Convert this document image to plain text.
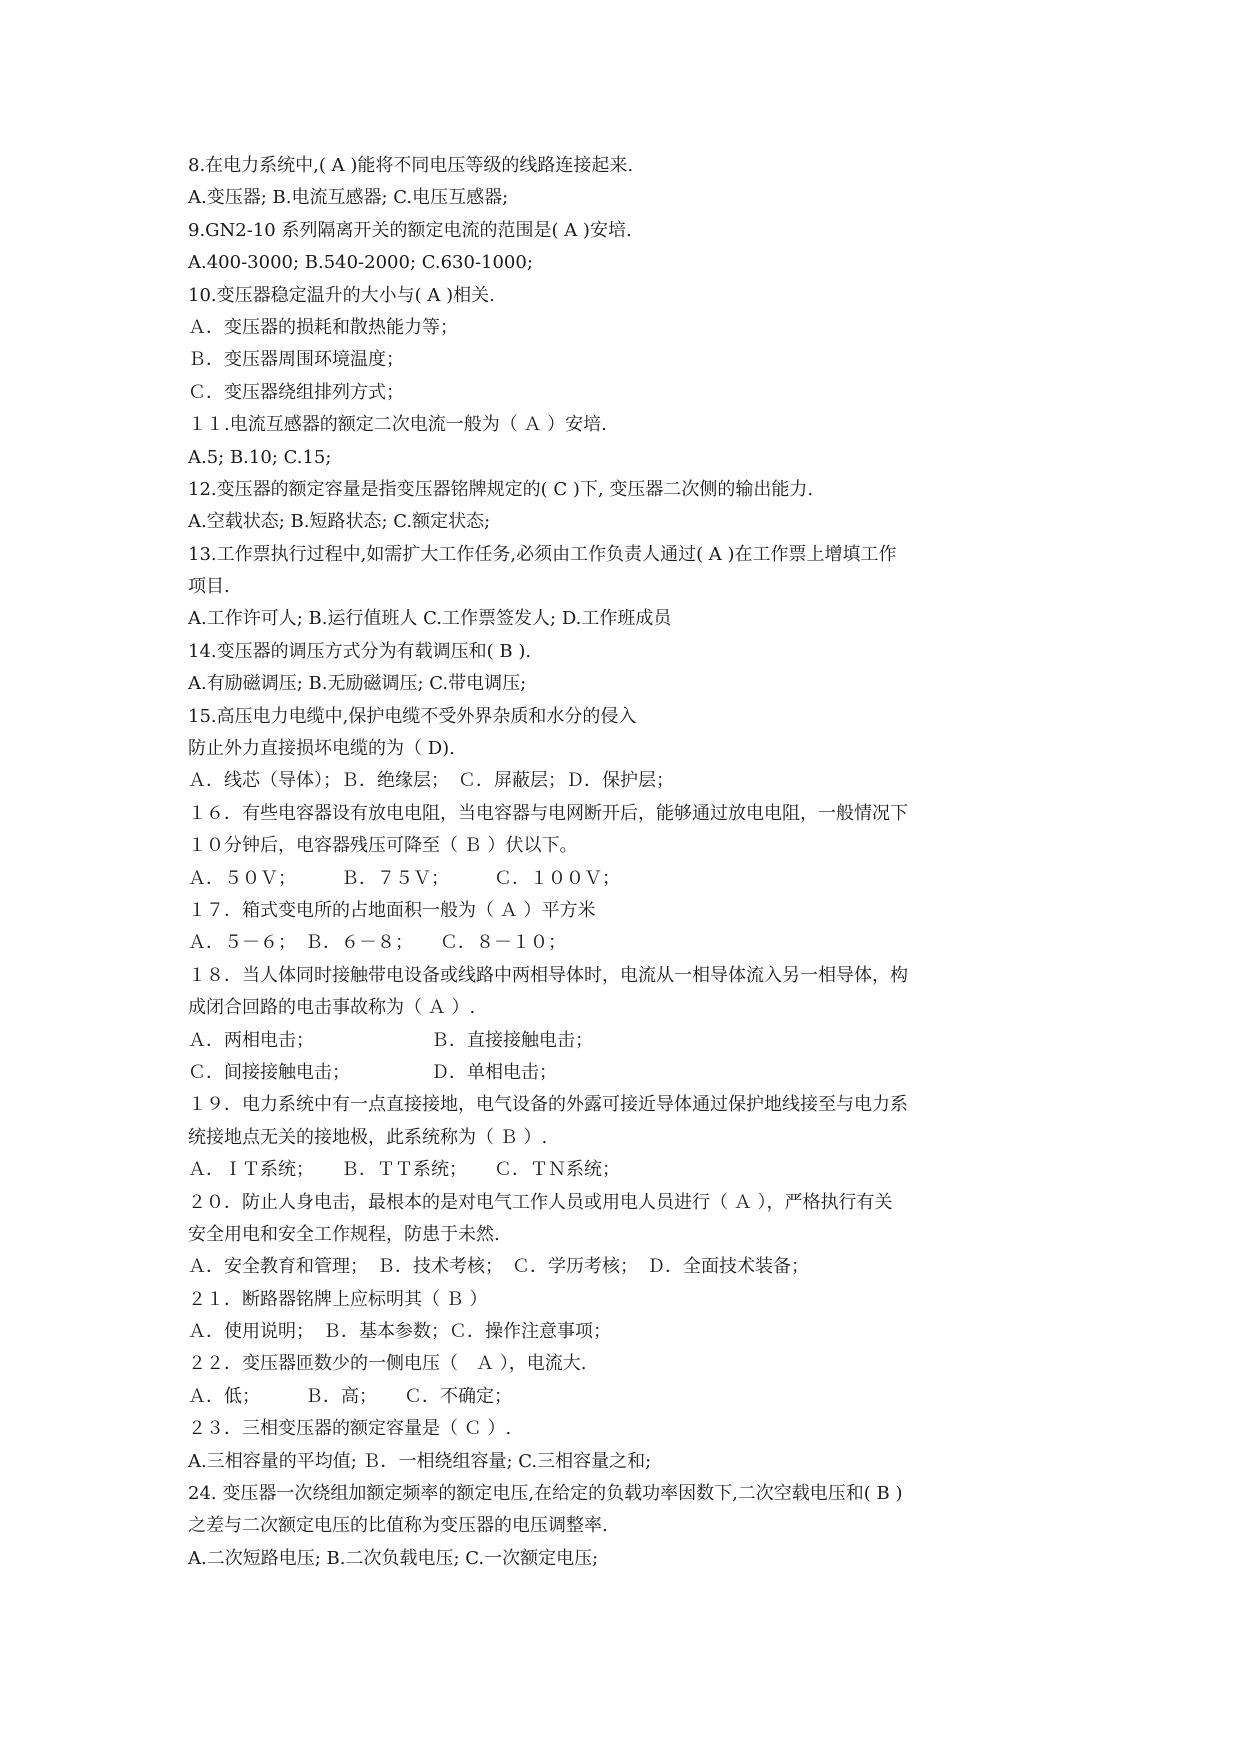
8.在电力系统中,( A )能将不同电压等级的线路连接起来.
A.变压器; B.电流互感器; C.电压互感器;
9.GN2-10 系列隔离开关的额定电流的范围是( A )安培.
A.400-3000; B.540-2000; C.630-1000;
10.变压器稳定温升的大小与( A )相关.
Ａ．变压器的损耗和散热能力等；
Ｂ．变压器周围环境温度；
Ｃ．变压器绕组排列方式；
１１.电流互感器的额定二次电流一般为（ Ａ ）安培.
A.5; B.10; C.15;
12.变压器的额定容量是指变压器铭牌规定的( C )下, 变压器二次侧的输出能力.
A.空载状态; B.短路状态; C.额定状态;
13.工作票执行过程中,如需扩大工作任务,必须由工作负责人通过( A )在工作票上增填工作
项目.
A.工作许可人; B.运行值班人 C.工作票签发人; D.工作班成员
14.变压器的调压方式分为有载调压和( B ).
A.有励磁调压; B.无励磁调压; C.带电调压;
15.高压电力电缆中,保护电缆不受外界杂质和水分的侵入
防止外力直接损坏电缆的为（ D).
Ａ．线芯（导体）；Ｂ．绝缘层；　Ｃ．屏蔽层；Ｄ．保护层；
１６．有些电容器设有放电电阻，当电容器与电网断开后，能够通过放电电阻，一般情况下
１０分钟后，电容器残压可降至（ Ｂ ）伏以下。
Ａ．５０Ｖ；　　　Ｂ．７５Ｖ；　　　Ｃ．１００Ｖ；
１７．箱式变电所的占地面积一般为（ Ａ ）平方米
Ａ．５－６；　Ｂ．６－８；　　Ｃ．８－１０；
１８．当人体同时接触带电设备或线路中两相导体时，电流从一相导体流入另一相导体，构
成闭合回路的电击事故称为（ Ａ ）.
Ａ．两相电击；　　　　　　　Ｂ．直接接触电击；
Ｃ．间接接触电击；　　　　　Ｄ．单相电击；
１９．电力系统中有一点直接接地，电气设备的外露可接近导体通过保护地线接至与电力系
统接地点无关的接地极，此系统称为（ Ｂ ）.
Ａ．ＩＴ系统；　　Ｂ．ＴＴ系统；　　Ｃ．ＴＮ系统；
２０．防止人身电击，最根本的是对电气工作人员或用电人员进行（ Ａ ），严格执行有关
安全用电和安全工作规程，防患于未然.
Ａ．安全教育和管理；　Ｂ．技术考核；　Ｃ．学历考核；　Ｄ．全面技术装备；
２１．断路器铭牌上应标明其（ Ｂ ）
Ａ．使用说明；　Ｂ．基本参数；Ｃ．操作注意事项；
２２．变压器匝数少的一侧电压（　Ａ ），电流大.
Ａ．低；　　　Ｂ．高；　　Ｃ．不确定；
２３．三相变压器的额定容量是（ Ｃ ）.
A.三相容量的平均值; Ｂ．一相绕组容量; C.三相容量之和;
24. 变压器一次绕组加额定频率的额定电压,在给定的负载功率因数下,二次空载电压和( B )
之差与二次额定电压的比值称为变压器的电压调整率.
A.二次短路电压; B.二次负载电压; C.一次额定电压;
